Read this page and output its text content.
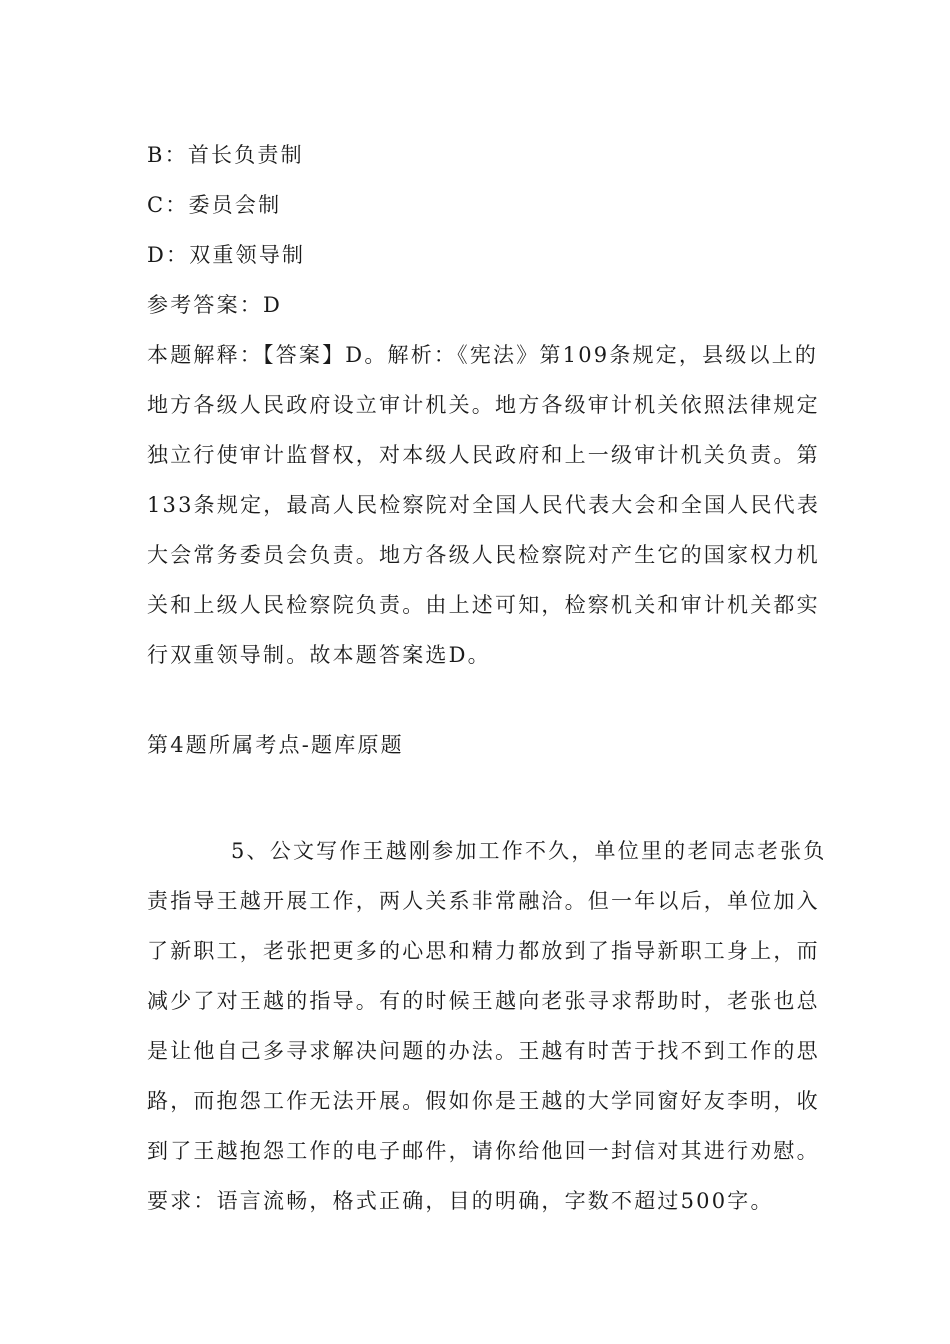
B：首长负责制

C：委员会制

D：双重领导制

参考答案：D

本题解释：【答案】D。解析：《宪法》第109条规定，县级以上的

地方各级人民政府设立审计机关。地方各级审计机关依照法律规定

独立行使审计监督权，对本级人民政府和上一级审计机关负责。第

133条规定，最高人民检察院对全国人民代表大会和全国人民代表

大会常务委员会负责。地方各级人民检察院对产生它的国家权力机

关和上级人民检察院负责。由上述可知，检察机关和审计机关都实

行双重领导制。故本题答案选D。

第4题所属考点-题库原题

5、公文写作王越刚参加工作不久，单位里的老同志老张负

责指导王越开展工作，两人关系非常融洽。但一年以后，单位加入

了新职工，老张把更多的心思和精力都放到了指导新职工身上，而

减少了对王越的指导。有的时候王越向老张寻求帮助时，老张也总

是让他自己多寻求解决问题的办法。王越有时苦于找不到工作的思

路，而抱怨工作无法开展。假如你是王越的大学同窗好友李明，收

到了王越抱怨工作的电子邮件，请你给他回一封信对其进行劝慰。

要求：语言流畅，格式正确，目的明确，字数不超过500字。
